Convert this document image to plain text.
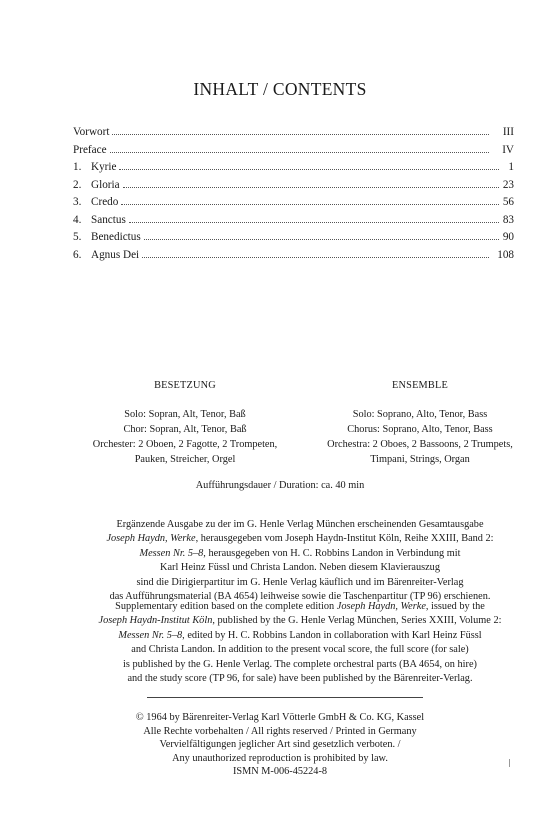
INHALT / CONTENTS
Vorwort	III
Preface	IV
1. Kyrie	1
2. Gloria	23
3. Credo	56
4. Sanctus	83
5. Benedictus	90
6. Agnus Dei	108
BESETZUNG
Solo: Sopran, Alt, Tenor, Baß
Chor: Sopran, Alt, Tenor, Baß
Orchester: 2 Oboen, 2 Fagotte, 2 Trompeten,
Pauken, Streicher, Orgel
ENSEMBLE
Solo: Soprano, Alto, Tenor, Bass
Chorus: Soprano, Alto, Tenor, Bass
Orchestra: 2 Oboes, 2 Bassoons, 2 Trumpets,
Timpani, Strings, Organ
Aufführungsdauer / Duration: ca. 40 min
Ergänzende Ausgabe zu der im G. Henle Verlag München erscheinenden Gesamtausgabe
Joseph Haydn, Werke, herausgegeben vom Joseph Haydn-Institut Köln, Reihe XXIII, Band 2:
Messen Nr. 5–8, herausgegeben von H. C. Robbins Landon in Verbindung mit
Karl Heinz Füssl und Christa Landon. Neben diesem Klavierauszug
sind die Dirigierpartitur im G. Henle Verlag käuflich und im Bärenreiter-Verlag
das Aufführungsmaterial (BA 4654) leihweise sowie die Taschenpartitur (TP 96) erschienen.
Supplementary edition based on the complete edition Joseph Haydn, Werke, issued by the
Joseph Haydn-Institut Köln, published by the G. Henle Verlag München, Series XXIII, Volume 2:
Messen Nr. 5–8, edited by H. C. Robbins Landon in collaboration with Karl Heinz Füssl
and Christa Landon. In addition to the present vocal score, the full score (for sale)
is published by the G. Henle Verlag. The complete orchestral parts (BA 4654, on hire)
and the study score (TP 96, for sale) have been published by the Bärenreiter-Verlag.
© 1964 by Bärenreiter-Verlag Karl Vötterle GmbH & Co. KG, Kassel
Alle Rechte vorbehalten / All rights reserved / Printed in Germany
Vervielfältigungen jeglicher Art sind gesetzlich verboten. /
Any unauthorized reproduction is prohibited by law.
ISMN M-006-45224-8
